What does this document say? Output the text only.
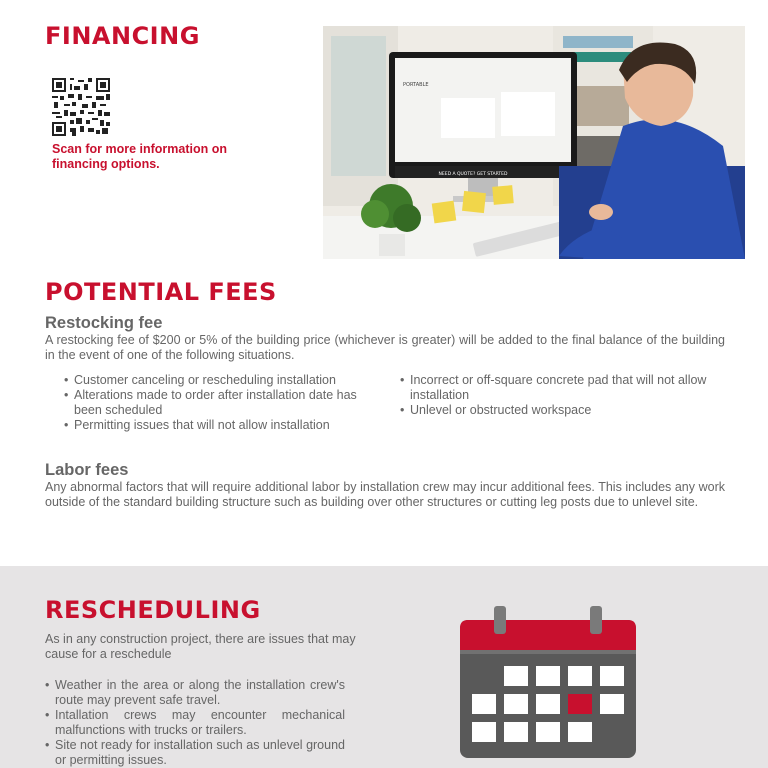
FINANCING
Scan for more information on financing options.
PORTABLE
NEED A QUOTE? GET STARTED
POTENTIAL FEES
Restocking fee
A restocking fee of $200 or 5% of the building price (whichever is greater) will be added to the final balance of the building in the event of one of the following situations.
• Customer canceling or rescheduling installation
• Alterations made to order after installation date has been scheduled
• Permitting issues that will not allow installation
• Incorrect or off-square concrete pad that will not allow installation
• Unlevel or obstructed workspace
Labor fees
Any abnormal factors that will require additional labor by installation crew may incur additional fees. This includes any work outside of the standard building structure such as building over other structures or cutting leg posts due to unlevel site.
RESCHEDULING
As in any construction project, there are issues that may cause for a reschedule
• Weather in the area or along the installation crew's route may prevent safe travel.
• Intallation crews may encounter mechanical malfunctions with trucks or trailers.
• Site not ready for installation such as unlevel ground or permitting issues.
